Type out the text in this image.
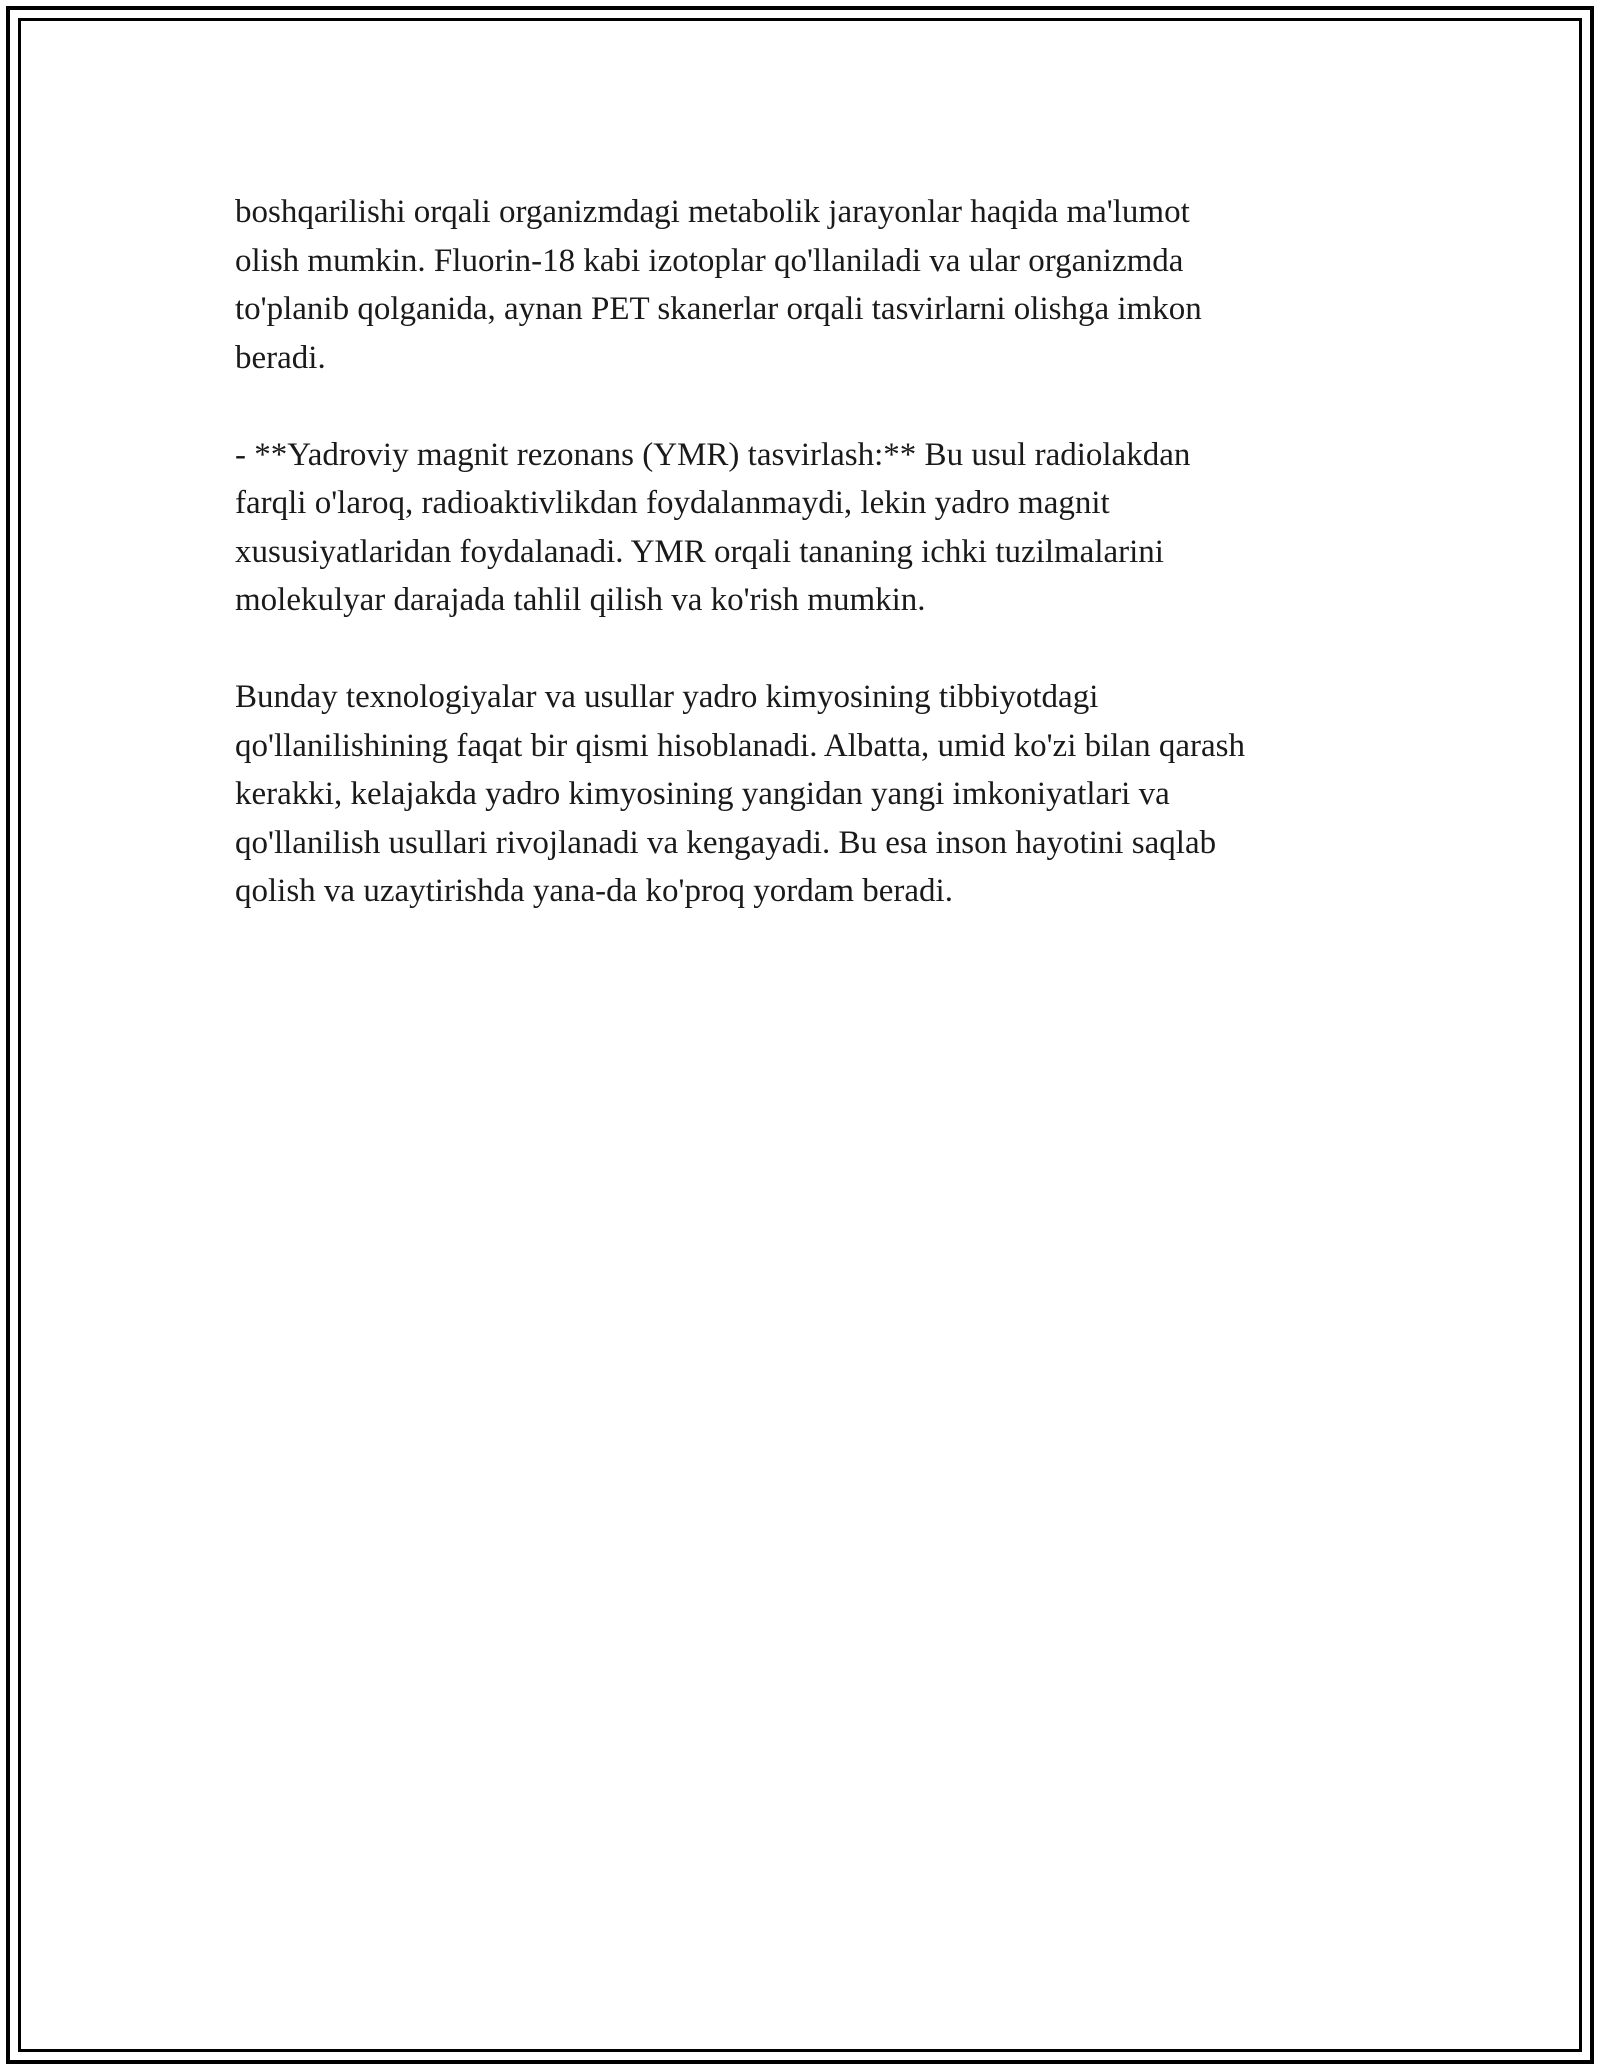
boshqarilishi orqali organizmdagi metabolik jarayonlar haqida ma'lumot
olish mumkin. Fluorin-18 kabi izotoplar qo'llaniladi va ular organizmda
to'planib qolganida, aynan PET skanerlar orqali tasvirlarni olishga imkon
beradi.

- **Yadroviy magnit rezonans (YMR) tasvirlash:** Bu usul radiolakdan
farqli o'laroq, radioaktivlikdan foydalanmaydi, lekin yadro magnit
xususiyatlaridan foydalanadi. YMR orqali tananing ichki tuzilmalarini
molekulyar darajada tahlil qilish va ko'rish mumkin.

Bunday texnologiyalar va usullar yadro kimyosining tibbiyotdagi
qo'llanilishining faqat bir qismi hisoblanadi. Albatta, umid ko'zi bilan qarash
kerakki, kelajakda yadro kimyosining yangidan yangi imkoniyatlari va
qo'llanilish usullari rivojlanadi va kengayadi. Bu esa inson hayotini saqlab
qolish va uzaytirishda yana-da ko'proq yordam beradi.
